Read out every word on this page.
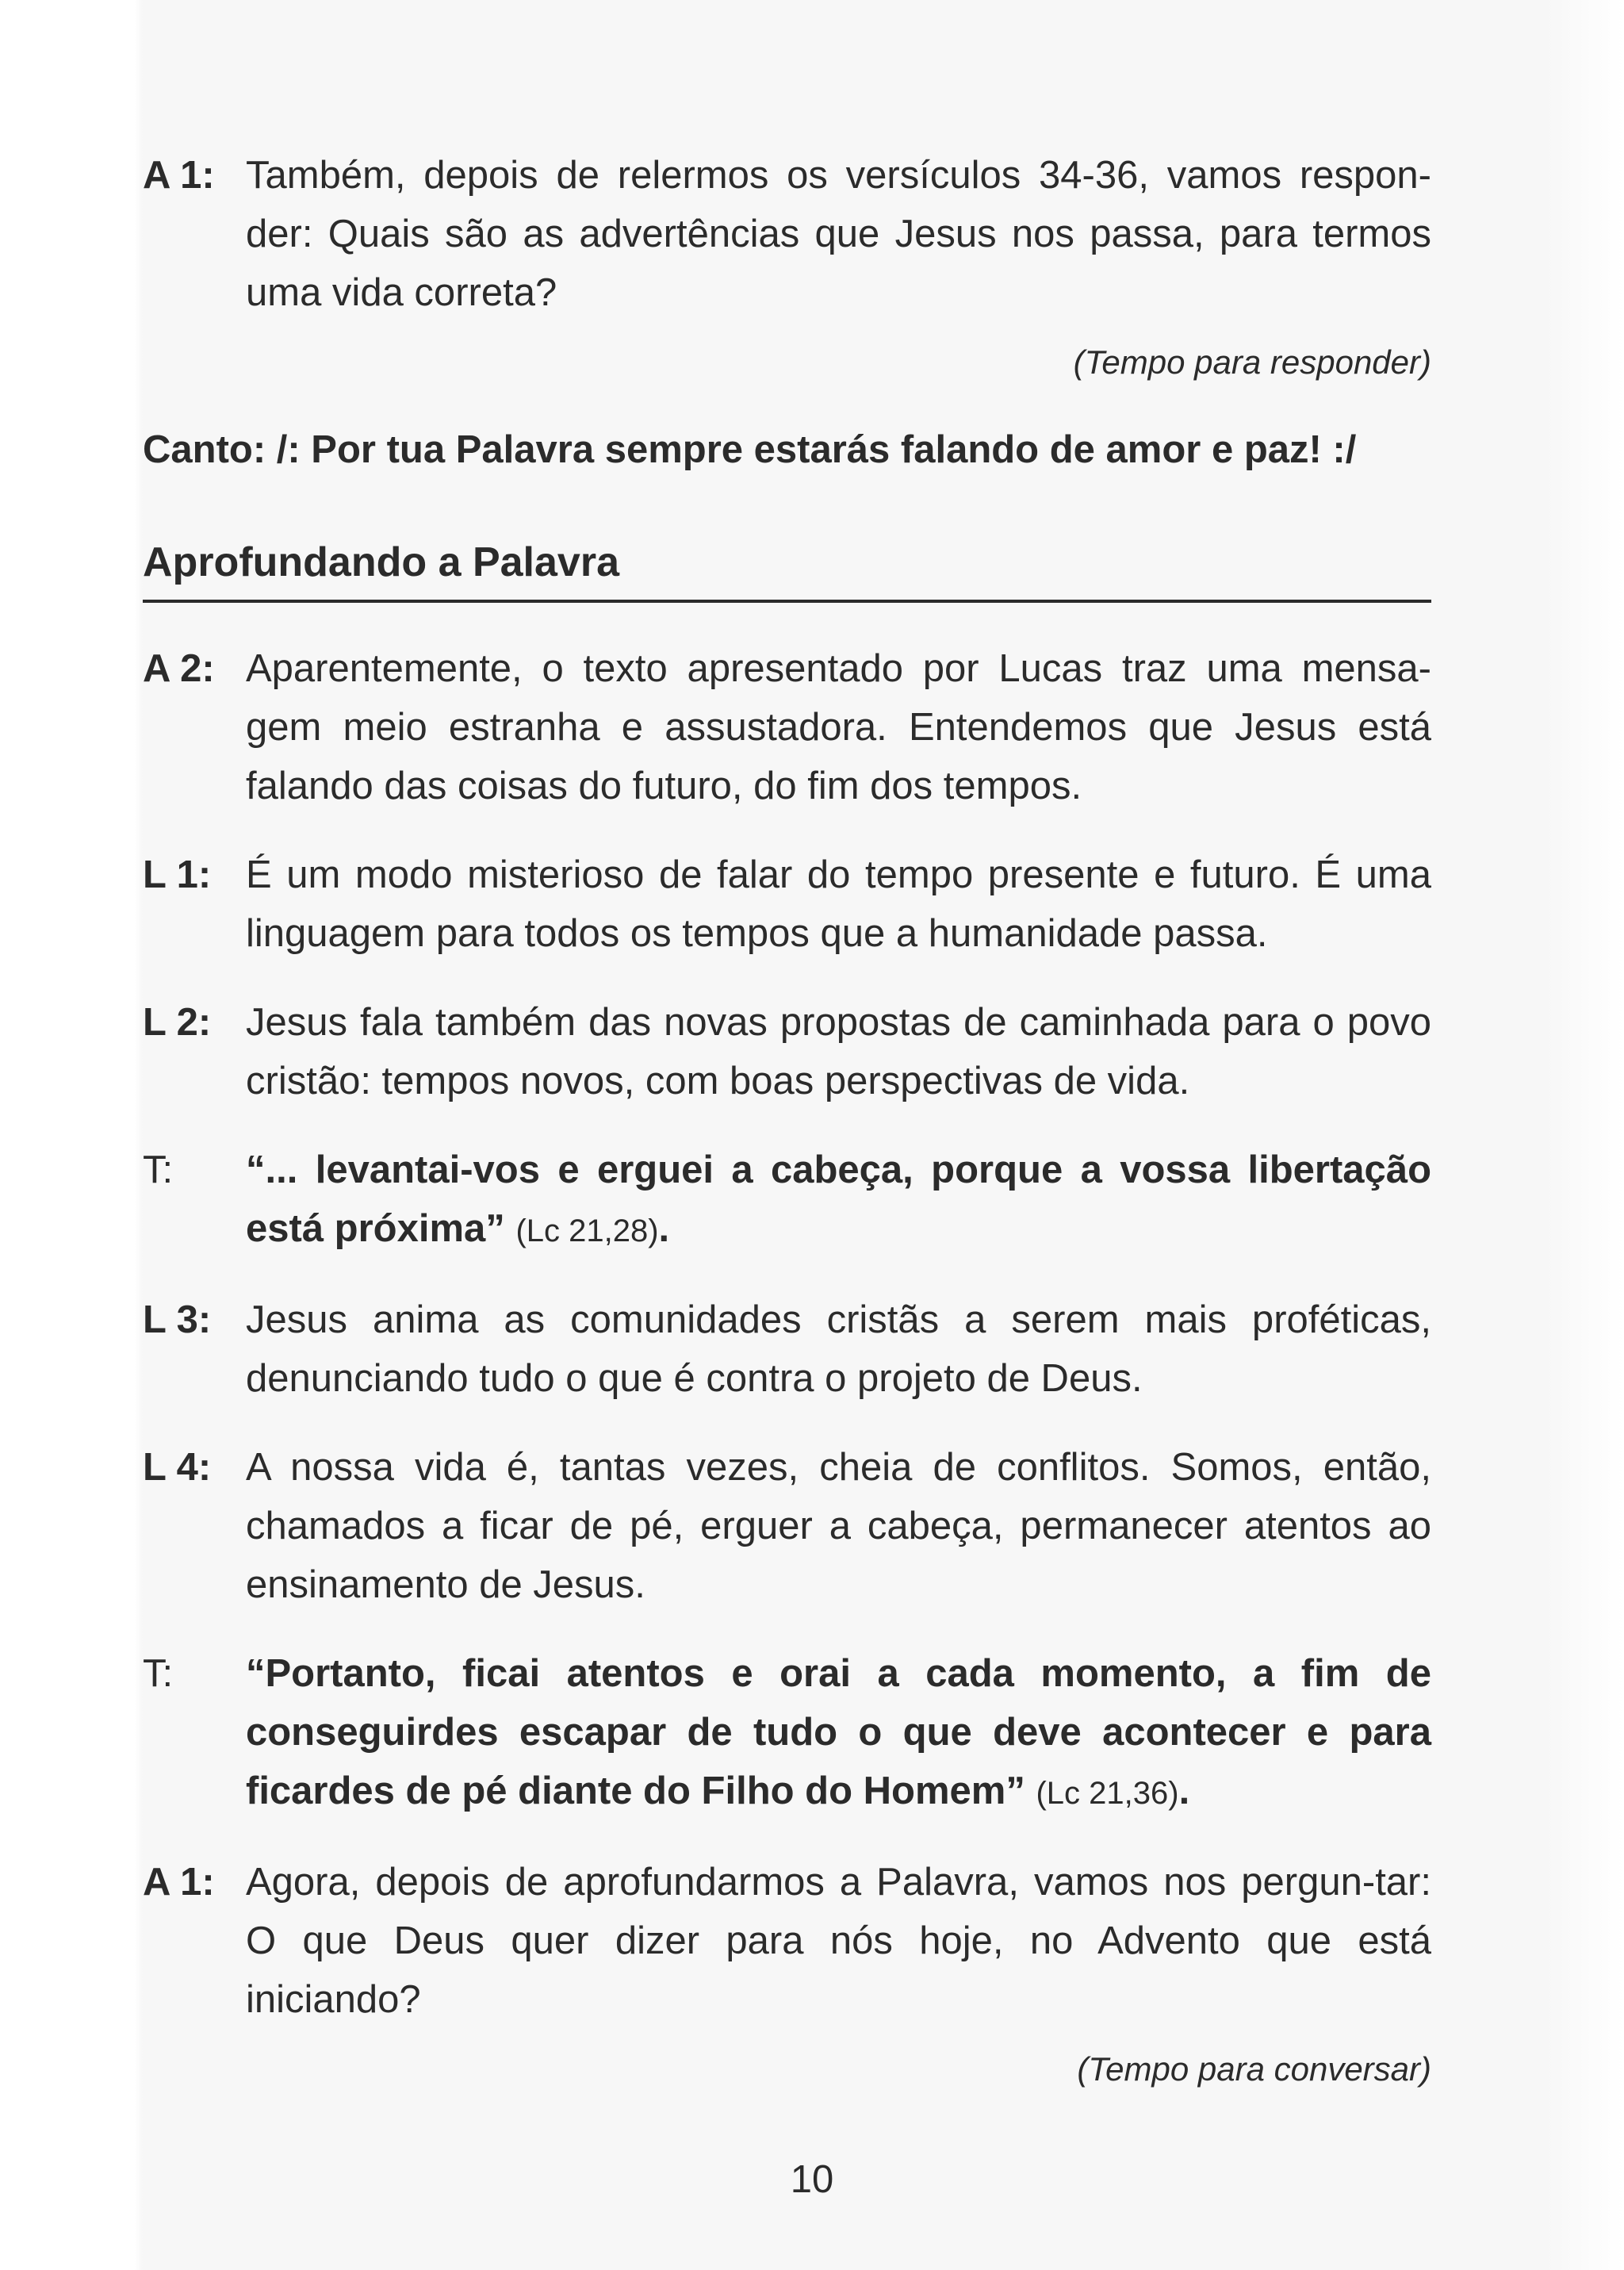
A 1: Também, depois de relermos os versículos 34-36, vamos respon-der: Quais são as advertências que Jesus nos passa, para termos uma vida correta?
(Tempo para responder)
Canto: /: Por tua Palavra sempre estarás falando de amor e paz! :/
Aprofundando a Palavra
A 2: Aparentemente, o texto apresentado por Lucas traz uma mensa-gem meio estranha e assustadora. Entendemos que Jesus está falando das coisas do futuro, do fim dos tempos.
L 1: É um modo misterioso de falar do tempo presente e futuro. É uma linguagem para todos os tempos que a humanidade passa.
L 2: Jesus fala também das novas propostas de caminhada para o povo cristão: tempos novos, com boas perspectivas de vida.
T:	“... levantai-vos e erguei a cabeça, porque a vossa libertação está próxima” (Lc 21,28).
L 3: Jesus anima as comunidades cristãs a serem mais proféticas, denunciando tudo o que é contra o projeto de Deus.
L 4: A nossa vida é, tantas vezes, cheia de conflitos. Somos, então, chamados a ficar de pé, erguer a cabeça, permanecer atentos ao ensinamento de Jesus.
T:	“Portanto, ficai atentos e orai a cada momento, a fim de conseguirdes escapar de tudo o que deve acontecer e para ficardes de pé diante do Filho do Homem” (Lc 21,36).
A 1: Agora, depois de aprofundarmos a Palavra, vamos nos pergun-tar: O que Deus quer dizer para nós hoje, no Advento que está iniciando?
(Tempo para conversar)
10
